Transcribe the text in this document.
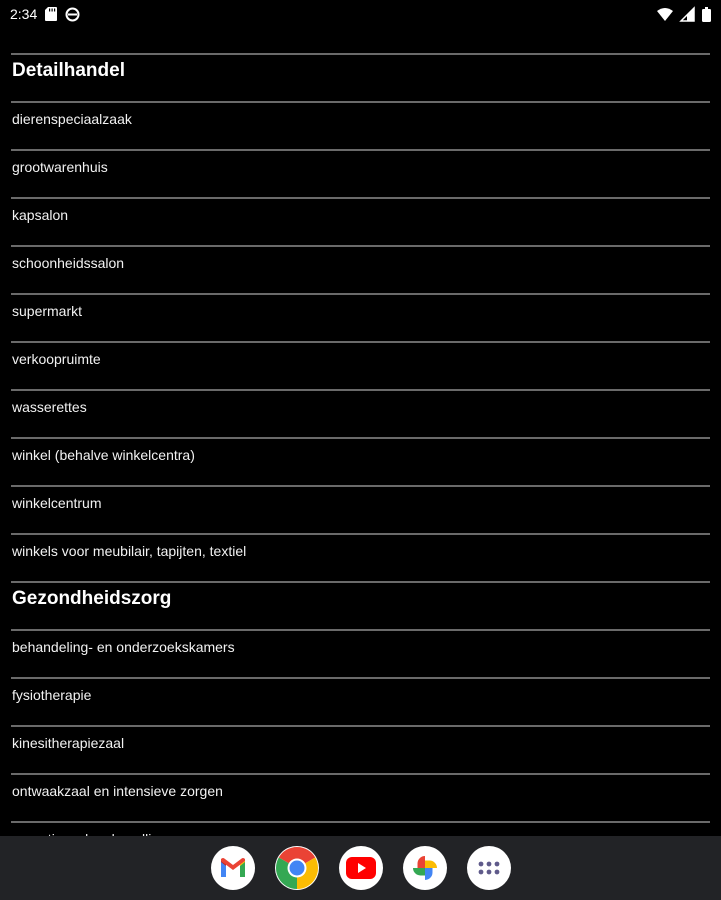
Detailhandel
dierenspeciaalzaak
grootwarenhuis
kapsalon
schoonheidssalon
supermarkt
verkoopruimte
wasserettes
winkel (behalve winkelcentra)
winkelcentrum
winkels voor meubilair, tapijten, textiel
Gezondheidszorg
behandeling- en onderzoekskamers
fysiotherapie
kinesitherapiezaal
ontwaakzaal en intensieve zorgen
2:34
